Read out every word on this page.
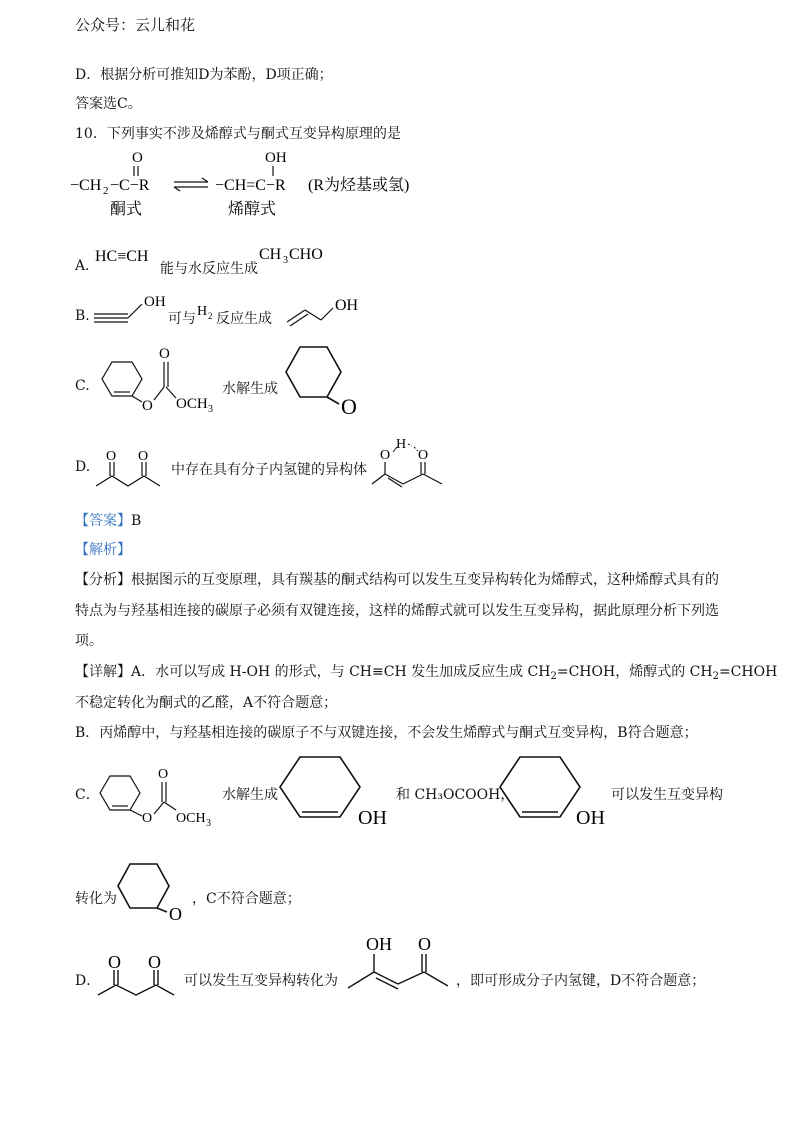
公众号：云儿和花
D．根据分析可推知D为苯酚，D项正确；
答案选C。
10．下列事实不涉及烯醇式与酮式互变异构原理的是
O
−CH 2 −C−R
OH
−CH=C−R (R为烃基或氢)
酮式	烯醇式
A.
HC≡CH
能与水反应生成
CH 3 CHO
B.
OH
可与 H 2 反应生成
OH
C.
O
O
OCH 3
水解生成
O
D.
O O
中存在具有分子内氢键的异构体
O
H
O
【答案】B
【解析】
【分析】根据图示的互变原理，具有羰基的酮式结构可以发生互变异构转化为烯醇式，这种烯醇式具有的
特点为与羟基相连接的碳原子必须有双键连接，这样的烯醇式就可以发生互变异构，据此原理分析下列选
项。
【详解】A．水可以写成 H-OH 的形式，与 CH≡CH 发生加成反应生成 $CH_2=CHOH$，烯醇式的 $CH_2=CHOH$
不稳定转化为酮式的乙醛，A不符合题意；
B．丙烯醇中，与羟基相连接的碳原子不与双键连接，不会发生烯醇式与酮式互变异构，B符合题意；
C．
O
O
OCH 3
水解生成
OH
和 CH₃OCOOH，
OH
可以发生互变异构
转化为
O
，C不符合题意；
D．
O O
可以发生互变异构转化为
OH O
，即可形成分子内氢键，D不符合题意；
